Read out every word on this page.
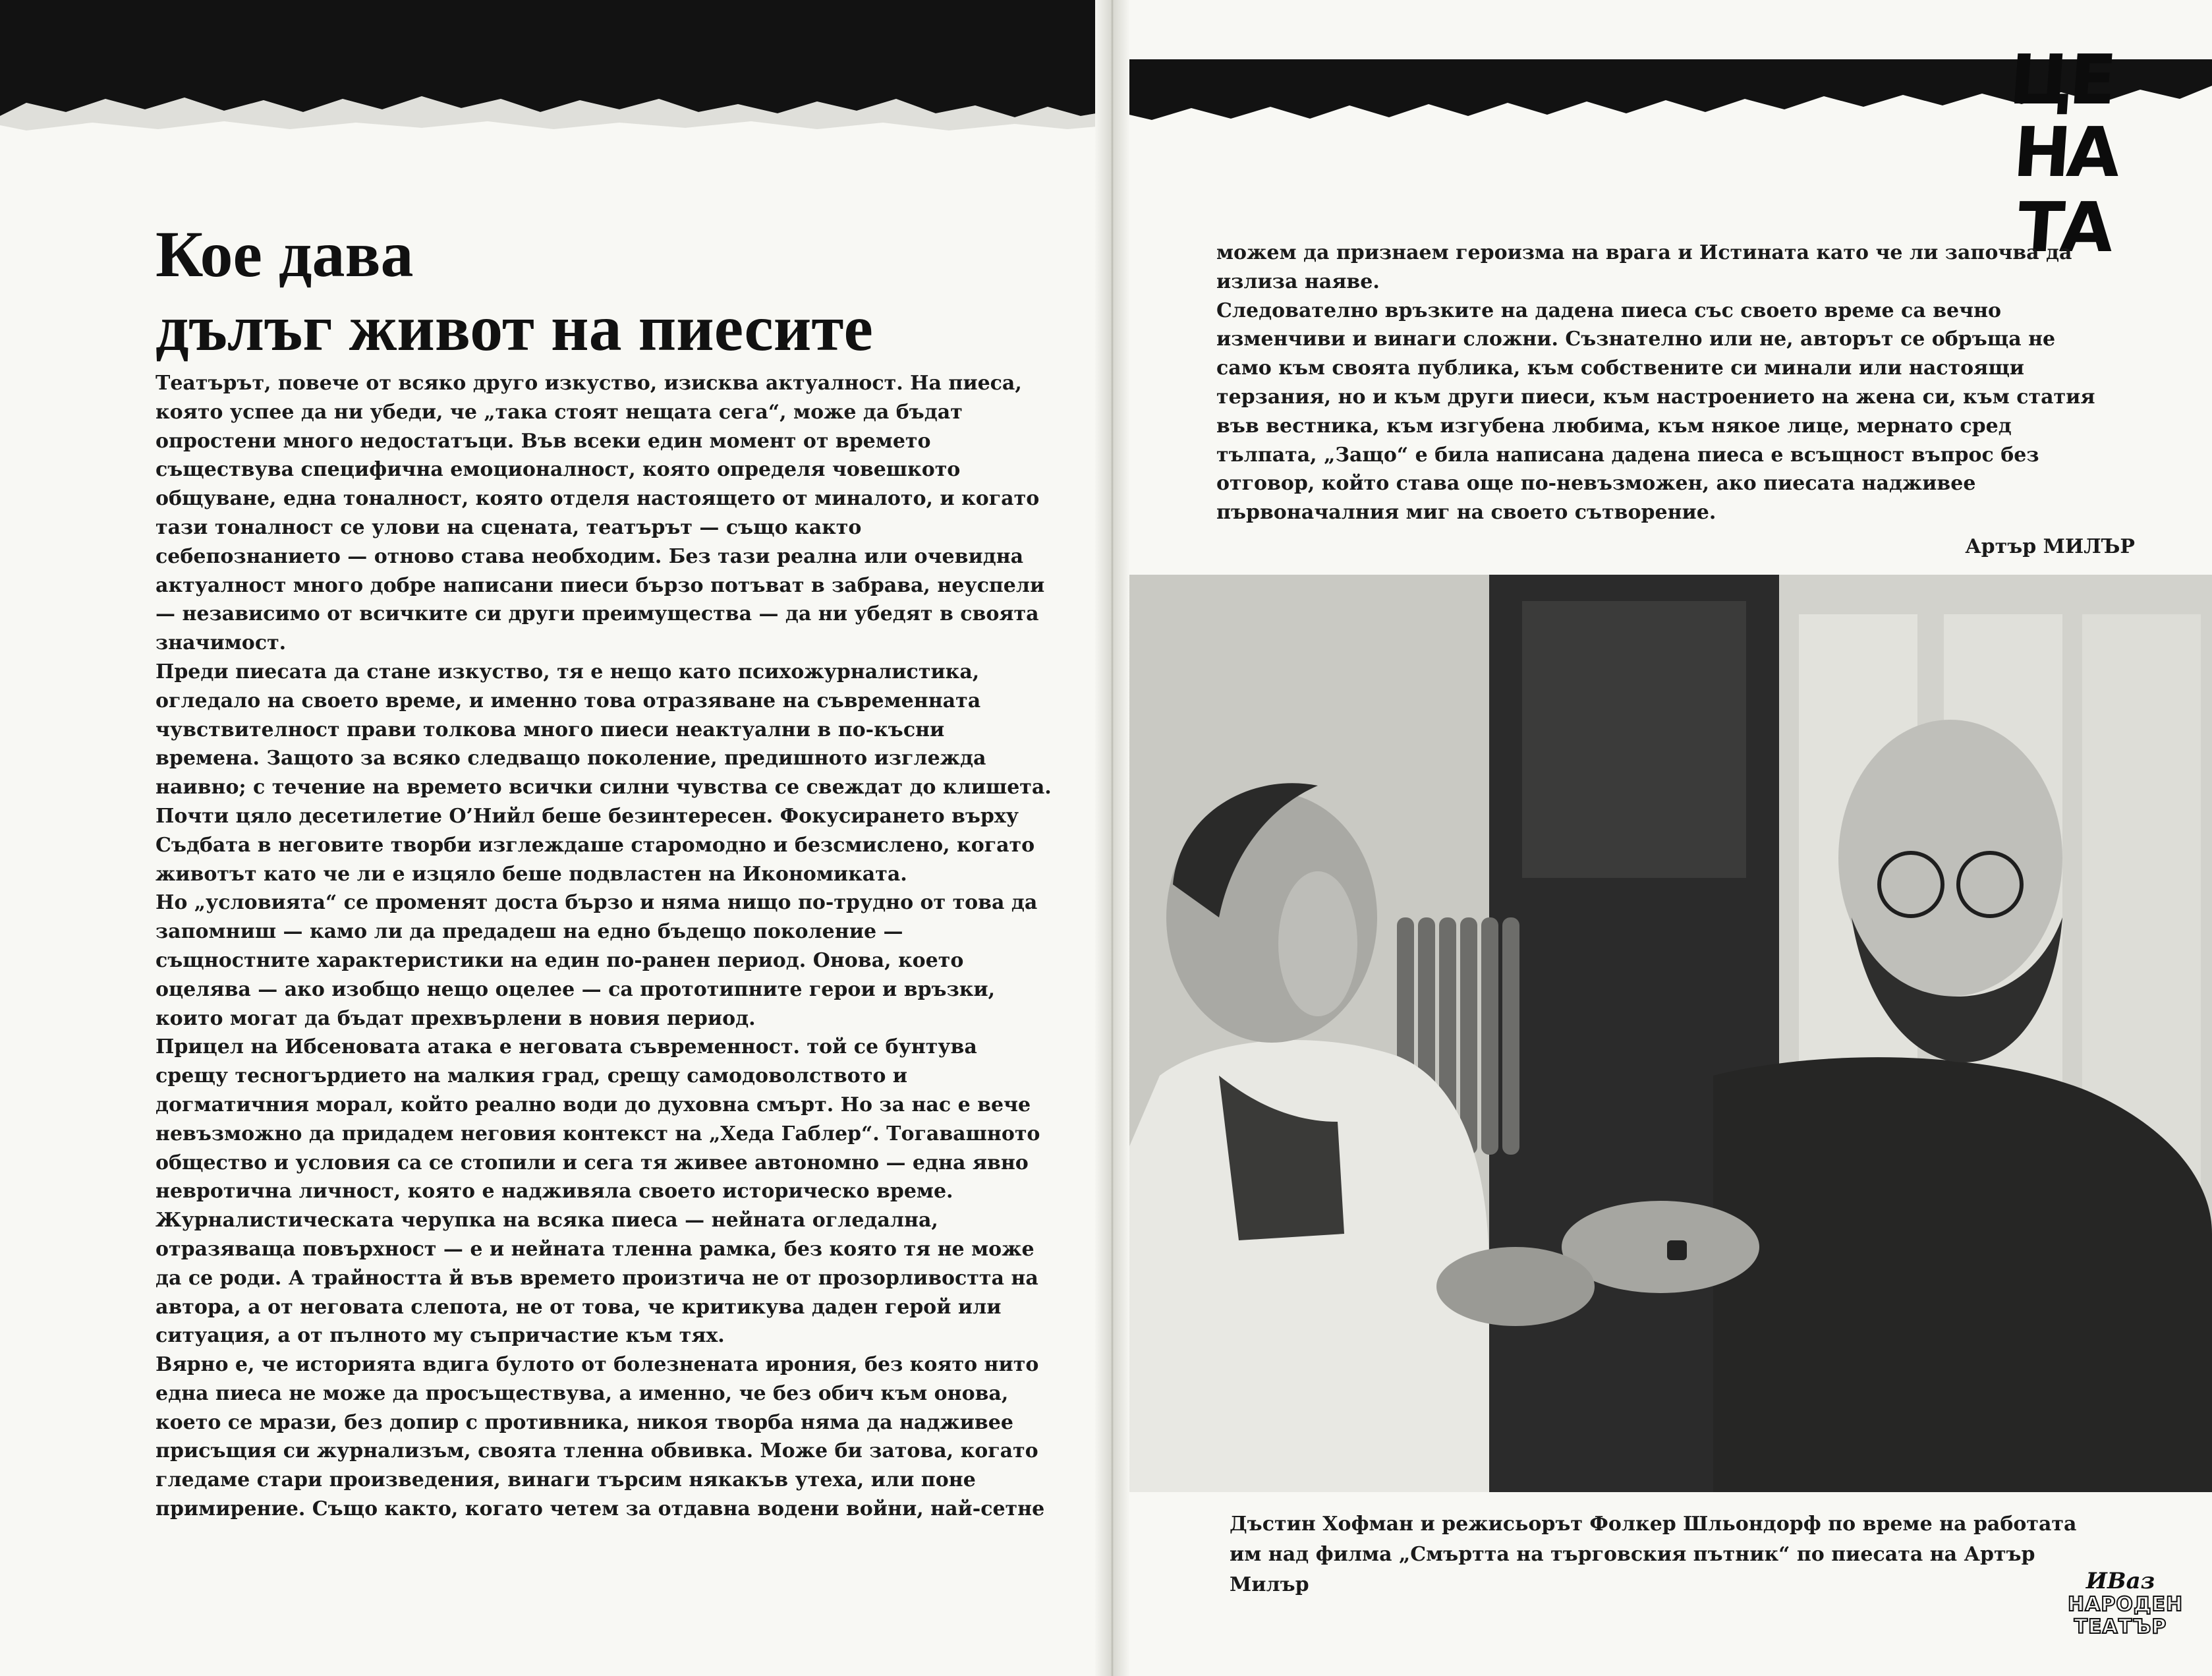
Кое дава
дълъг живот на пиесите

Театърът, повече от всяко друго изкуство, изисква актуалност. На пиеса, която успее да ни убеди, че „така стоят нещата сега“, може да бъдат опростени много недостатъци. Във всеки един момент от времето съществува специфична емоционалност, която определя човешкото общуване, една тоналност, която отделя настоящето от миналото, и когато тази тоналност се улови на сцената, театърът — също както себепознанието — отново става необходим. Без тази реална или очевидна актуалност много добре написани пиеси бързо потъват в забрава, неуспели — независимо от всичките си други преимущества — да ни убедят в своята значимост.

Преди пиесата да стане изкуство, тя е нещо като психожурналистика, огледало на своето време, и именно това отразяване на съвременната чувствителност прави толкова много пиеси неактуални в по-късни времена. Защото за всяко следващо поколение, предишното изглежда наивно; с течение на времето всички силни чувства се свеждат до клишета. Почти цяло десетилетие О’Нийл беше безинтересен. Фокусирането върху Съдбата в неговите творби изглеждаше старомодно и безсмислено, когато животът като че ли е изцяло беше подвластен на Икономиката.

Но „условията“ се променят доста бързо и няма нищо по-трудно от това да запомниш — камо ли да предадеш на едно бъдещо поколение — същностните характеристики на един по-ранен период. Онова, което оцелява — ако изобщо нещо оцелее — са прототипните герои и връзки, които могат да бъдат прехвърлени в новия период.

Прицел на Ибсеновата атака е неговата съвременност. той се бунтува срещу тесногърдието на малкия град, срещу самодоволството и догматичния морал, който реално води до духовна смърт. Но за нас е вече невъзможно да придадем неговия контекст на „Хеда Габлер“. Тогавашното общество и условия са се стопили и сега тя живее автономно — една явно невротична личност, която е надживяла своето историческо време. Журналистическата черупка на всяка пиеса — нейната огледална, отразяваща повърхност — е и нейната тленна рамка, без която тя не може да се роди. А трайността й във времето произтича не от прозорливостта на автора, а от неговата слепота, не от това, че критикува даден герой или ситуация, а от пълното му съпричастие към тях.

Вярно е, че историята вдига булото от болезнената ирония, без която нито една пиеса не може да просъществува, а именно, че без обич към онова, което се мрази, без допир с противника, никоя творба няма да надживее присъщия си журнализъм, своята тленна обвивка. Може би затова, когато гледаме стари произведения, винаги търсим някакъв утеха, или поне примирение. Също както, когато четем за отдавна водени войни, най-сетне

ЦЕ
НА
ТА

можем да признаем героизма на врага и Истината като че ли започва да излиза наяве.

Следователно връзките на дадена пиеса със своето време са вечно изменчиви и винаги сложни. Съзнателно или не, авторът се обръща не само към своята публика, към собствените си минали или настоящи терзания, но и към други пиеси, към настроението на жена си, към статия във вестника, към изгубена любима, към някое лице, мернато сред тълпата, „Защо“ е била написана дадена пиеса е всъщност въпрос без отговор, който става още по-невъзможен, ако пиесата надживее първоначалния миг на своето сътворение.

Артър МИЛЪР

Дъстин Хофман и режисьорът Фолкер Шльондорф по време на работата им над филма „Смъртта на търговския пътник“ по пиесата на Артър Милър	ИВаз
НАРОДЕН
ТЕАТЪР
